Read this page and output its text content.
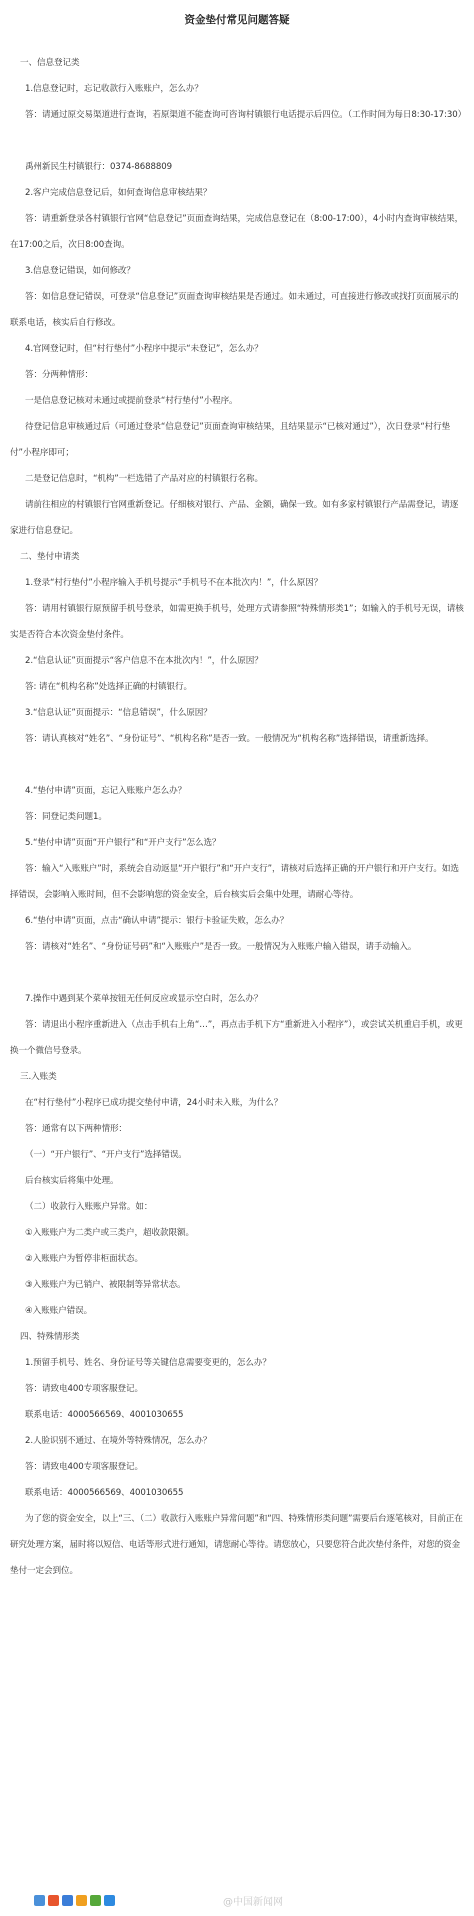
资金垫付常见问题答疑
一、信息登记类
1.信息登记时，忘记收款行入账账户，怎么办？
答：请通过原交易渠道进行查询，若原渠道不能查询可咨询村镇银行电话提示后四位。（工作时间为每日8:30-17:30）
禹州新民生村镇银行：0374-8688809
2.客户完成信息登记后，如何查询信息审核结果？
答：请重新登录各村镇银行官网“信息登记”页面查询结果，完成信息登记在（8:00-17:00），4小时内查询审核结果，在17:00之后，次日8:00查询。
3.信息登记错误，如何修改？
答：如信息登记错误，可登录“信息登记”页面查询审核结果是否通过。如未通过，可直接进行修改或找打页面展示的联系电话，核实后自行修改。
4.官网登记时，但“村行垫付”小程序中提示“未登记”，怎么办？
答：分两种情形：
一是信息登记核对未通过或提前登录“村行垫付”小程序。
待登记信息审核通过后（可通过登录“信息登记”页面查询审核结果，且结果显示“已核对通过”），次日登录“村行垫付”小程序即可；
二是登记信息时，“机构”一栏选错了产品对应的村镇银行名称。
请前往相应的村镇银行官网重新登记。仔细核对银行、产品、金额，确保一致。如有多家村镇银行产品需登记，请逐家进行信息登记。
二、垫付申请类
1.登录“村行垫付”小程序输入手机号提示“手机号不在本批次内！”，什么原因？
答：请用村镇银行原预留手机号登录，如需更换手机号，处理方式请参照“特殊情形类1”；如输入的手机号无误，请核实是否符合本次资金垫付条件。
2.“信息认证”页面提示“客户信息不在本批次内！”，什么原因？
答: 请在“机构名称”处选择正确的村镇银行。
3.“信息认证”页面提示：“信息错误”，什么原因？
答：请认真核对“姓名”、“身份证号”、“机构名称”是否一致。一般情况为“机构名称”选择错误，请重新选择。
4.“垫付申请”页面，忘记入账账户怎么办？
答：同登记类问题1。
5.“垫付申请”页面“开户银行”和“开户支行”怎么选？
答：输入“入账账户”时，系统会自动返显“开户银行”和“开户支行”，请核对后选择正确的开户银行和开户支行。如选择错误，会影响入账时间，但不会影响您的资金安全，后台核实后会集中处理，请耐心等待。
6.“垫付申请”页面，点击“确认申请”提示：银行卡验证失败，怎么办？
答：请核对“姓名”、“身份证号码”和“入账账户”是否一致。一般情况为入账账户输入错误，请手动输入。
7.操作中遇到某个菜单按钮无任何反应或显示空白时，怎么办？
答：请退出小程序重新进入（点击手机右上角“…”，再点击手机下方“重新进入小程序”），或尝试关机重启手机，或更换一个微信号登录。
三.入账类
在“村行垫付”小程序已成功提交垫付申请，24小时未入账，为什么？
答：通常有以下两种情形：
（一）“开户银行”、“开户支行”选择错误。
后台核实后将集中处理。
（二）收款行入账账户异常。如：
①入账账户为二类户或三类户，超收款限额。
②入账账户为暂停非柜面状态。
③入账账户为已销户、被限制等异常状态。
④入账账户错误。
四、特殊情形类
1.预留手机号、姓名、身份证号等关键信息需要变更的，怎么办？
答：请致电400专项客服登记。
联系电话：4000566569、4001030655
2.人脸识别不通过、在境外等特殊情况，怎么办？
答：请致电400专项客服登记。
联系电话：4000566569、4001030655
为了您的资金安全，以上“三、（二）收款行入账账户异常问题”和“四、特殊情形类问题”需要后台逐笔核对，目前正在研究处理方案，届时将以短信、电话等形式进行通知，请您耐心等待。请您放心，只要您符合此次垫付条件，对您的资金垫付一定会到位。
@中国新闻网
